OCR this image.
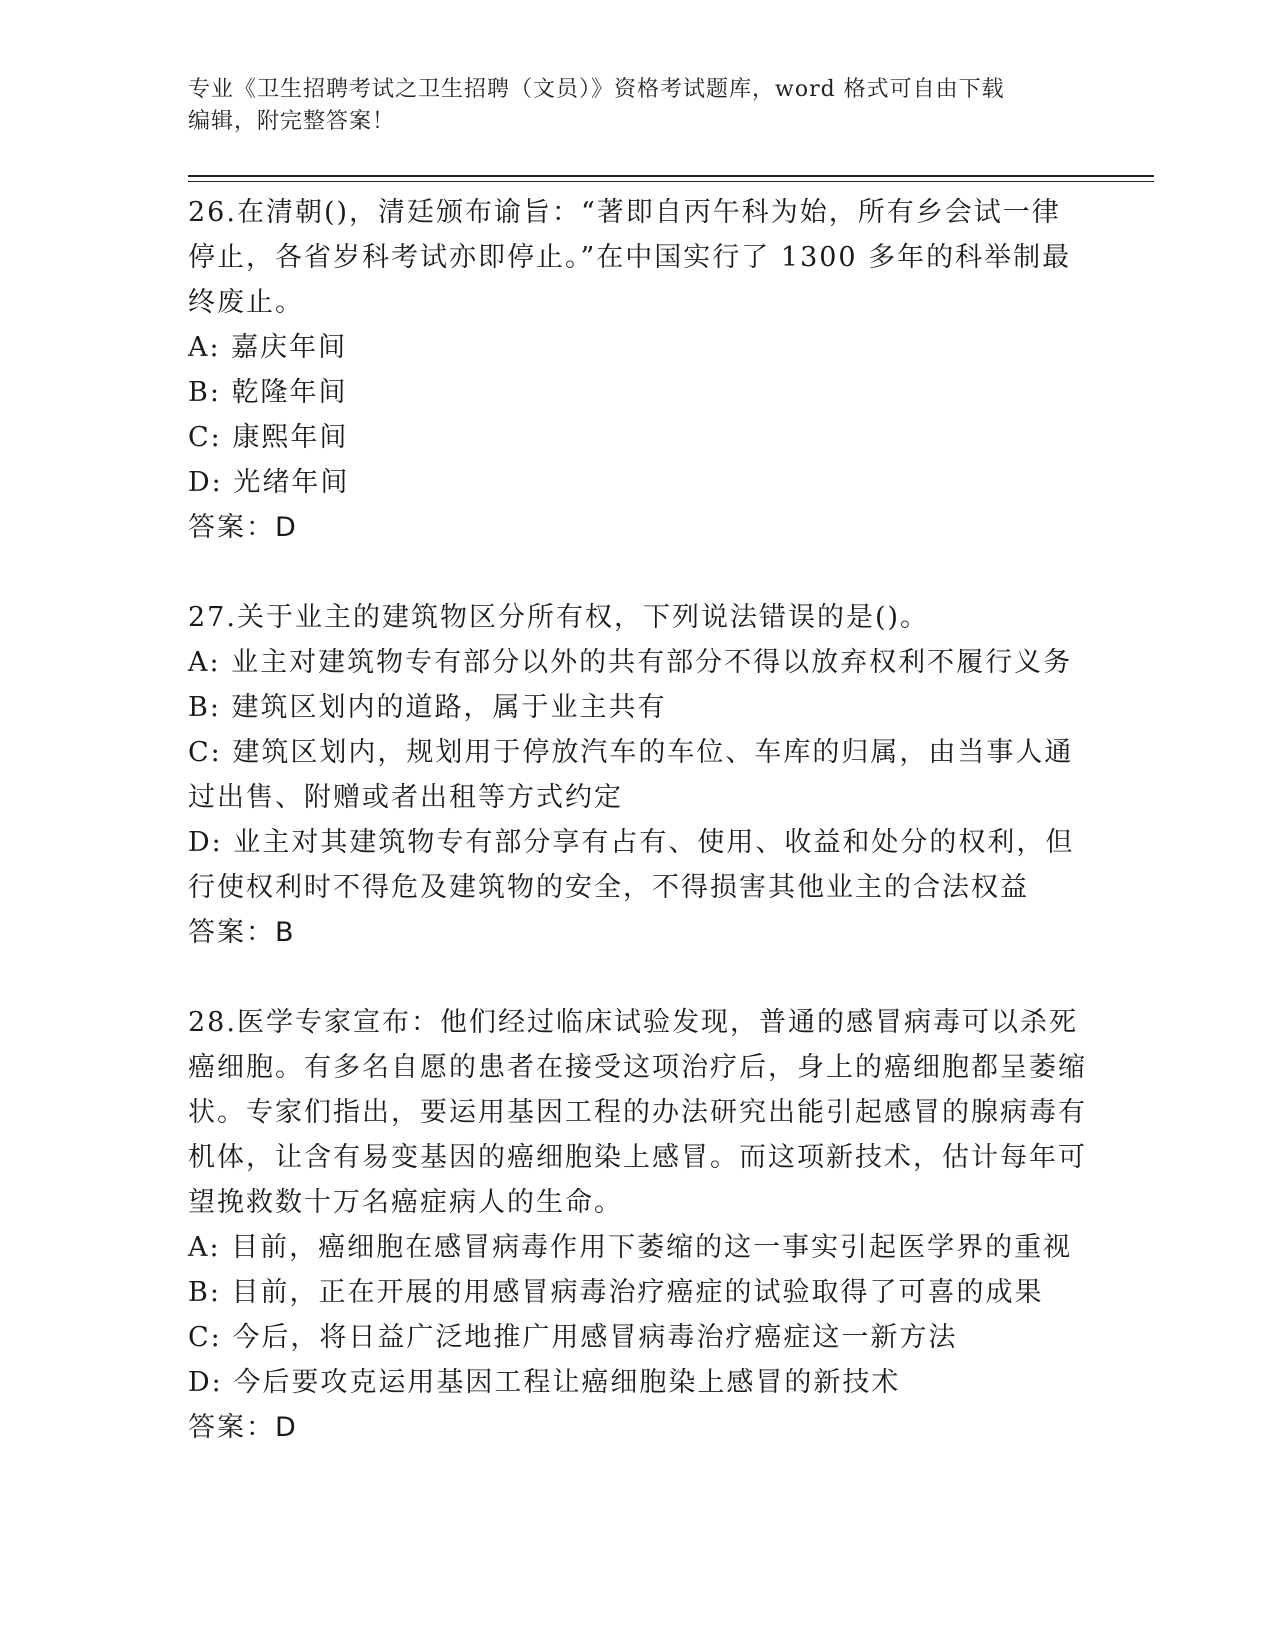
专业《卫生招聘考试之卫生招聘（文员）》资格考试题库，word 格式可自由下载
编辑，附完整答案！

26.在清朝()，清廷颁布谕旨：“著即自丙午科为始，所有乡会试一律停止，各省岁科考试亦即停止。”在中国实行了 1300 多年的科举制最终废止。

A: 嘉庆年间

B: 乾隆年间

C: 康熙年间

D: 光绪年间

答案：D

27.关于业主的建筑物区分所有权，下列说法错误的是()。

A: 业主对建筑物专有部分以外的共有部分不得以放弃权利不履行义务

B: 建筑区划内的道路，属于业主共有

C: 建筑区划内，规划用于停放汽车的车位、车库的归属，由当事人通过出售、附赠或者出租等方式约定

D: 业主对其建筑物专有部分享有占有、使用、收益和处分的权利，但行使权利时不得危及建筑物的安全，不得损害其他业主的合法权益

答案：B

28.医学专家宣布：他们经过临床试验发现，普通的感冒病毒可以杀死癌细胞。有多名自愿的患者在接受这项治疗后，身上的癌细胞都呈萎缩状。专家们指出，要运用基因工程的办法研究出能引起感冒的腺病毒有机体，让含有易变基因的癌细胞染上感冒。而这项新技术，估计每年可望挽救数十万名癌症病人的生命。

A: 目前，癌细胞在感冒病毒作用下萎缩的这一事实引起医学界的重视

B: 目前，正在开展的用感冒病毒治疗癌症的试验取得了可喜的成果

C: 今后，将日益广泛地推广用感冒病毒治疗癌症这一新方法

D: 今后要攻克运用基因工程让癌细胞染上感冒的新技术

答案：D
